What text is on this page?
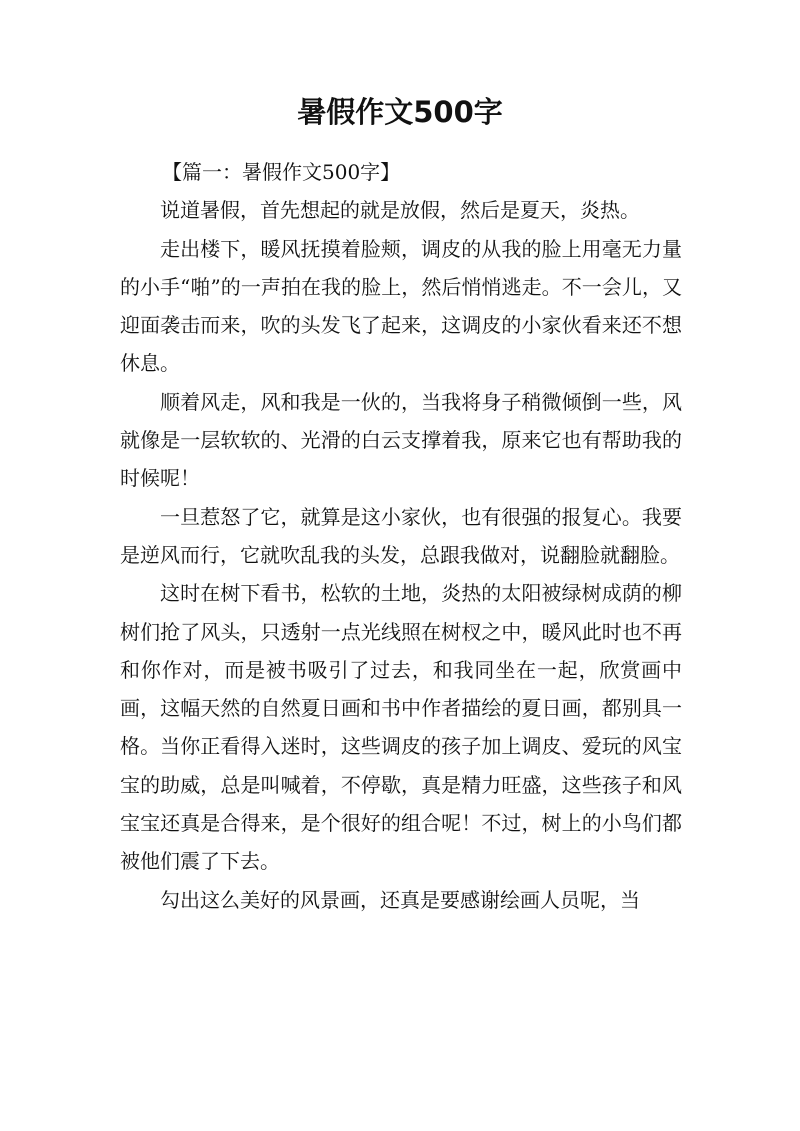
暑假作文500字

【篇一：暑假作文500字】

说道暑假，首先想起的就是放假，然后是夏天，炎热。

走出楼下，暖风抚摸着脸颊，调皮的从我的脸上用毫无力量的小手“啪”的一声拍在我的脸上，然后悄悄逃走。不一会儿，又迎面袭击而来，吹的头发飞了起来，这调皮的小家伙看来还不想休息。

顺着风走，风和我是一伙的，当我将身子稍微倾倒一些，风就像是一层软软的、光滑的白云支撑着我，原来它也有帮助我的时候呢！

一旦惹怒了它，就算是这小家伙，也有很强的报复心。我要是逆风而行，它就吹乱我的头发，总跟我做对，说翻脸就翻脸。

这时在树下看书，松软的土地，炎热的太阳被绿树成荫的柳树们抢了风头，只透射一点光线照在树杈之中，暖风此时也不再和你作对，而是被书吸引了过去，和我同坐在一起，欣赏画中画，这幅天然的自然夏日画和书中作者描绘的夏日画，都别具一格。当你正看得入迷时，这些调皮的孩子加上调皮、爱玩的风宝宝的助威，总是叫喊着，不停歇，真是精力旺盛，这些孩子和风宝宝还真是合得来，是个很好的组合呢！不过，树上的小鸟们都被他们震了下去。

勾出这么美好的风景画，还真是要感谢绘画人员呢，当
